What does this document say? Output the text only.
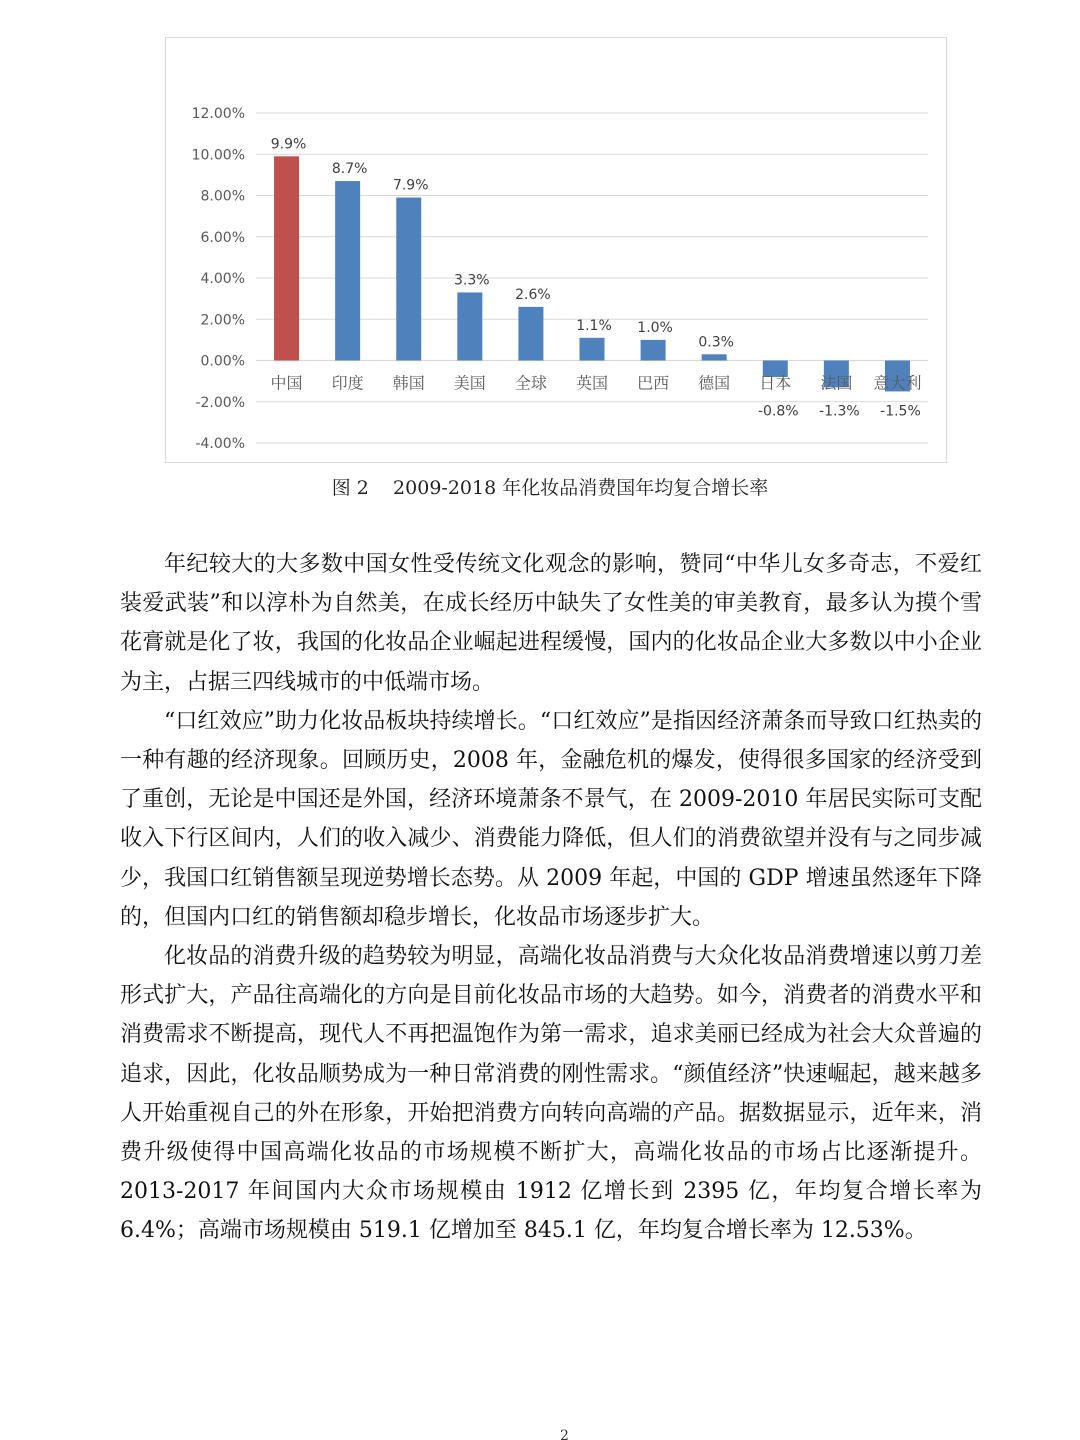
-4.00%
-2.00%
0.00%
2.00%
4.00%
6.00%
8.00%
10.00%
12.00%
中国
9.9%
印度
8.7%
韩国
7.9%
美国
3.3%
全球
2.6%
英国
1.1%
巴西
1.0%
德国
0.3%
日本
-0.8%
法国
-1.3%
意大利
-1.5%
图 2    2009-2018 年化妆品消费国年均复合增长率

年纪较大的大多数中国女性受传统文化观念的影响，赞同“中华儿女多奇志，不爱红装爱武装”和以淳朴为自然美，在成长经历中缺失了女性美的审美教育，最多认为摸个雪花膏就是化了妆，我国的化妆品企业崛起进程缓慢，国内的化妆品企业大多数以中小企业为主，占据三四线城市的中低端市场。

“口红效应”助力化妆品板块持续增长。“口红效应”是指因经济萧条而导致口红热卖的一种有趣的经济现象。回顾历史，2008 年，金融危机的爆发，使得很多国家的经济受到了重创，无论是中国还是外国，经济环境萧条不景气，在 2009-2010 年居民实际可支配收入下行区间内，人们的收入减少、消费能力降低，但人们的消费欲望并没有与之同步减少，我国口红销售额呈现逆势增长态势。从 2009 年起，中国的 GDP 增速虽然逐年下降的，但国内口红的销售额却稳步增长，化妆品市场逐步扩大。

化妆品的消费升级的趋势较为明显，高端化妆品消费与大众化妆品消费增速以剪刀差形式扩大，产品往高端化的方向是目前化妆品市场的大趋势。如今，消费者的消费水平和消费需求不断提高，现代人不再把温饱作为第一需求，追求美丽已经成为社会大众普遍的追求，因此，化妆品顺势成为一种日常消费的刚性需求。“颜值经济”快速崛起，越来越多人开始重视自己的外在形象，开始把消费方向转向高端的产品。据数据显示，近年来，消费升级使得中国高端化妆品的市场规模不断扩大，高端化妆品的市场占比逐渐提升。2013-2017 年间国内大众市场规模由 1912 亿增长到 2395 亿，年均复合增长率为 6.4%；高端市场规模由 519.1 亿增加至 845.1 亿，年均复合增长率为 12.53%。

2
